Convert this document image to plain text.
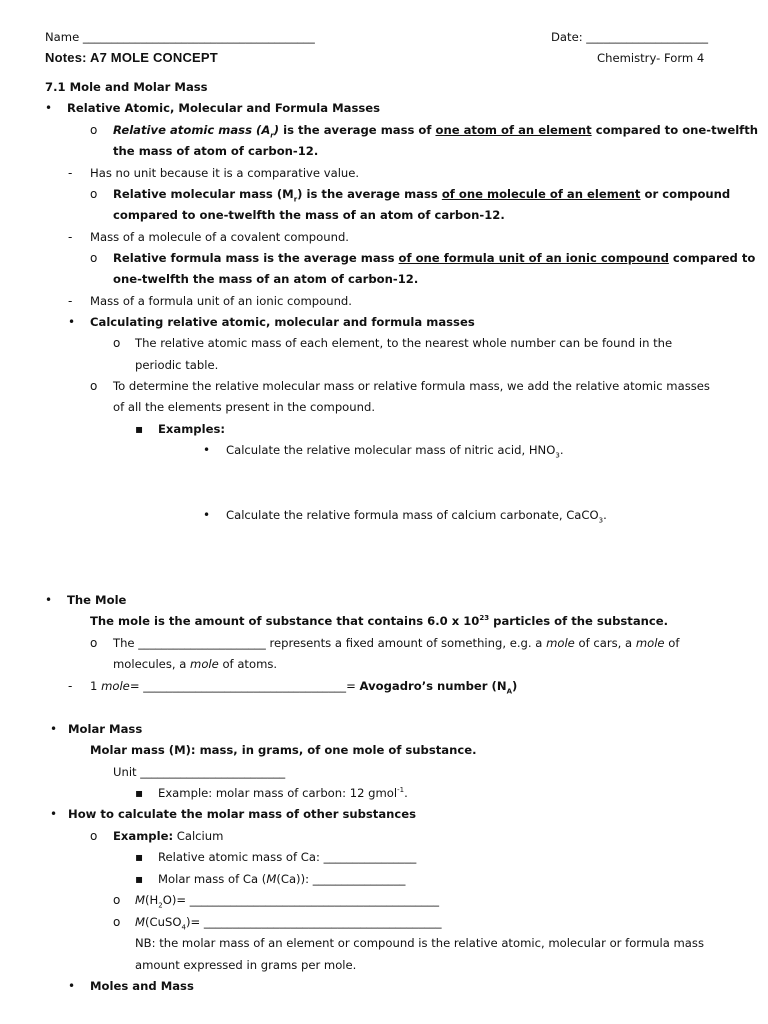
Name ________________________________________	Date: _____________________
Notes: A7 MOLE CONCEPT	Chemistry- Form 4
7.1 Mole and Molar Mass
•
Relative Atomic, Molecular and Formula Masses
o
Relative atomic mass $(A_r)$ is the average mass of one atom of an element compared to one-twelfth
the mass of atom of carbon-12.
-
Has no unit because it is a comparative value.
o
Relative molecular mass $(M_r)$ is the average mass of one molecule of an element or compound
compared to one-twelfth the mass of an atom of carbon-12.
-
Mass of a molecule of a covalent compound.
o
Relative formula mass is the average mass of one formula unit of an ionic compound compared to
one-twelfth the mass of an atom of carbon-12.
-
Mass of a formula unit of an ionic compound.
•
Calculating relative atomic, molecular and formula masses
o
The relative atomic mass of each element, to the nearest whole number can be found in the
periodic table.
o
To determine the relative molecular mass or relative formula mass, we add the relative atomic masses
of all the elements present in the compound.
▪
Examples:
•
Calculate the relative molecular mass of nitric acid, $HNO_3$.
•
Calculate the relative formula mass of calcium carbonate, CaCO$_3$.
•
The Mole
The mole is the amount of substance that contains 6.0 x $10^{23}$ particles of the substance.
o
The ______________________ represents a fixed amount of something, e.g. a mole of cars, a mole of
molecules, a mole of atoms.
-
1 mole= ___________________________________= Avogadro’s number $(N_A)$
•
Molar Mass
Molar mass (M): mass, in grams, of one mole of substance.
Unit _________________________
▪
Example: molar mass of carbon: 12 gmol$^{-1}$.
•
How to calculate the molar mass of other substances
o
Example: Calcium
▪
Relative atomic mass of Ca: ________________
▪
Molar mass of Ca (M(Ca)): ________________
o
$M(H_2O)=$ ___________________________________________
o
M(CuSO$_4$)= _________________________________________
NB: the molar mass of an element or compound is the relative atomic, molecular or formula mass
amount expressed in grams per mole.
•
Moles and Mass
